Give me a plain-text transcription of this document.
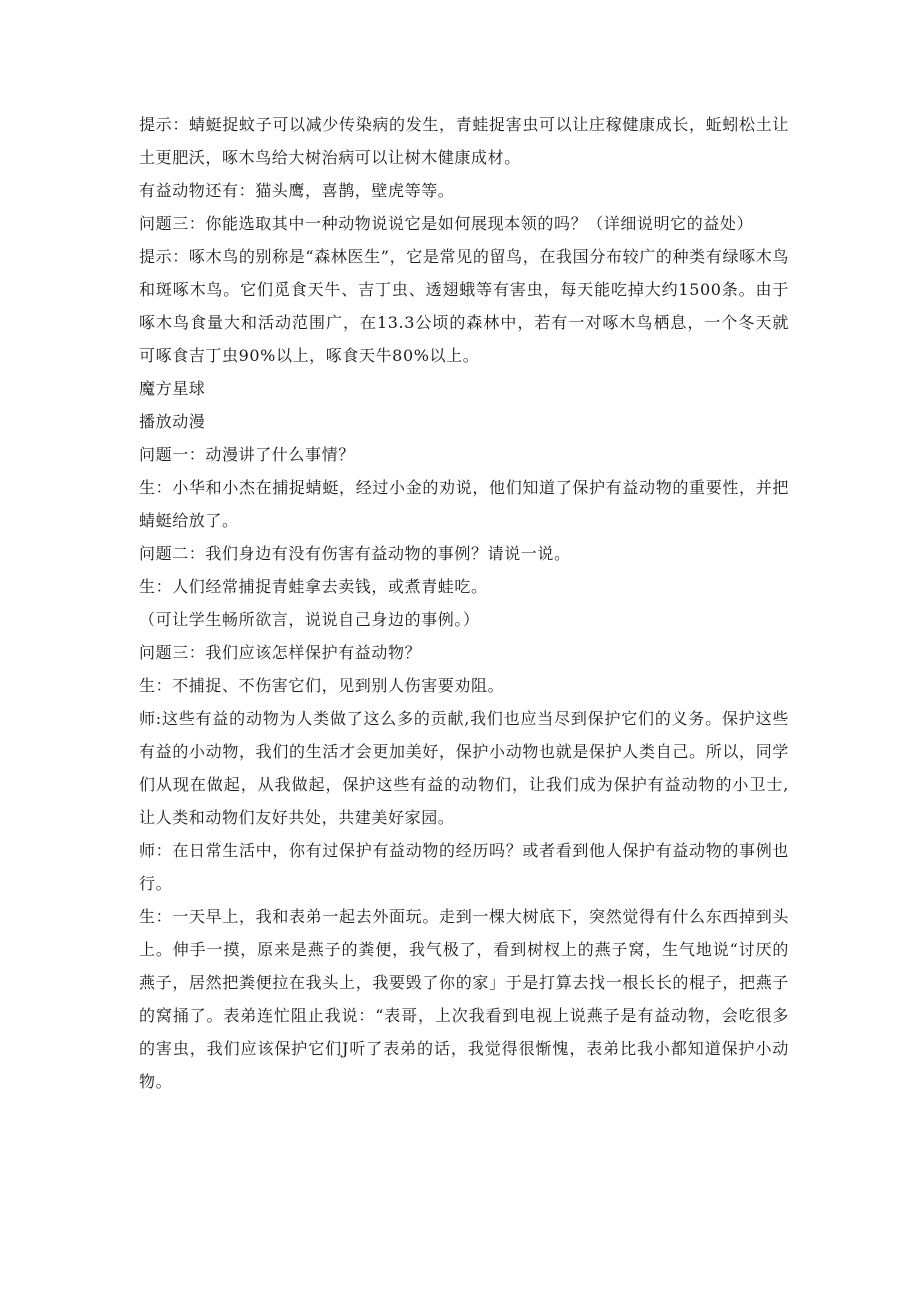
提示：蜻蜓捉蚊子可以减少传染病的发生，青蛙捉害虫可以让庄稼健康成长，蚯蚓松土让土更肥沃，啄木鸟给大树治病可以让树木健康成材。

有益动物还有：猫头鹰，喜鹊，壁虎等等。

问题三：你能选取其中一种动物说说它是如何展现本领的吗？（详细说明它的益处）

提示：啄木鸟的别称是“森林医生”，它是常见的留鸟，在我国分布较广的种类有绿啄木鸟和斑啄木鸟。它们觅食天牛、吉丁虫、透翅蛾等有害虫，每天能吃掉大约1500条。由于啄木鸟食量大和活动范围广，在13.3公顷的森林中，若有一对啄木鸟栖息，一个冬天就可啄食吉丁虫90%以上，啄食天牛80%以上。

魔方星球

播放动漫

问题一：动漫讲了什么事情？

生：小华和小杰在捕捉蜻蜓，经过小金的劝说，他们知道了保护有益动物的重要性，并把蜻蜓给放了。

问题二：我们身边有没有伤害有益动物的事例？请说一说。

生：人们经常捕捉青蛙拿去卖钱，或煮青蛙吃。

（可让学生畅所欲言，说说自己身边的事例。）

问题三：我们应该怎样保护有益动物？

生：不捕捉、不伤害它们，见到别人伤害要劝阻。

师:这些有益的动物为人类做了这么多的贡献,我们也应当尽到保护它们的义务。保护这些有益的小动物，我们的生活才会更加美好，保护小动物也就是保护人类自己。所以，同学们从现在做起，从我做起，保护这些有益的动物们，让我们成为保护有益动物的小卫士,让人类和动物们友好共处，共建美好家园。

师：在日常生活中，你有过保护有益动物的经历吗？或者看到他人保护有益动物的事例也行。

生：一天早上，我和表弟一起去外面玩。走到一棵大树底下，突然觉得有什么东西掉到头上。伸手一摸，原来是燕子的粪便，我气极了，看到树杈上的燕子窝，生气地说“讨厌的燕子，居然把粪便拉在我头上，我要毁了你的家」于是打算去找一根长长的棍子，把燕子的窝捅了。表弟连忙阻止我说：“表哥，上次我看到电视上说燕子是有益动物，会吃很多的害虫，我们应该保护它们J听了表弟的话，我觉得很惭愧，表弟比我小都知道保护小动物。
